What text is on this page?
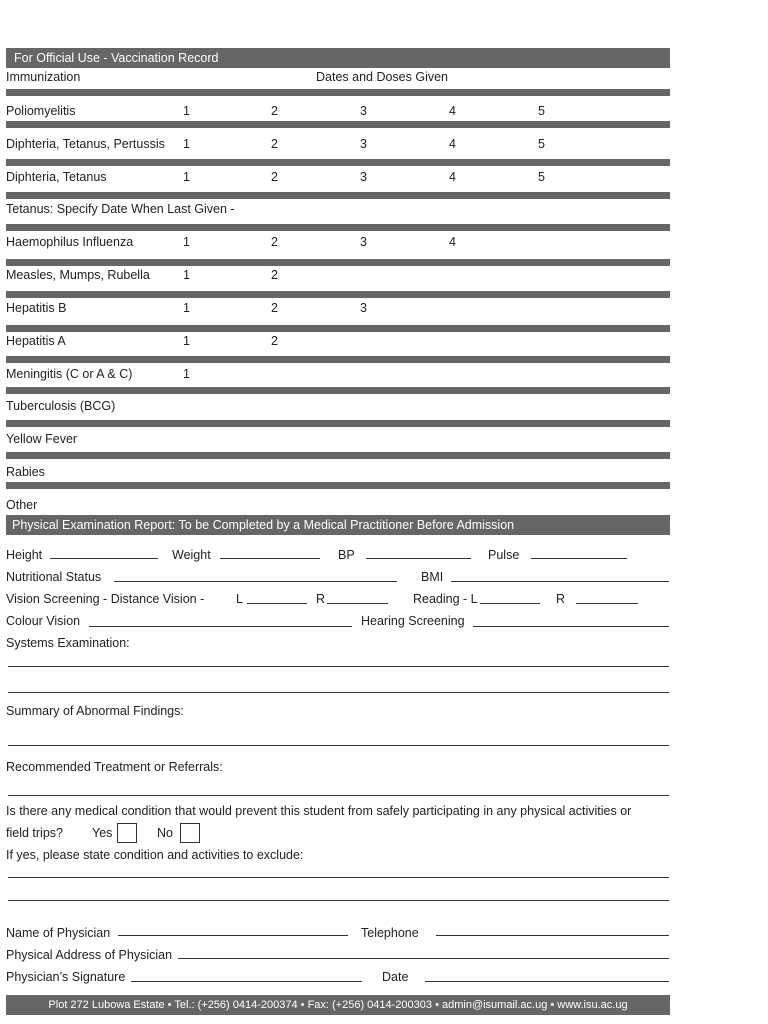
For Official Use - Vaccination Record
Immunization	Dates and Doses Given
Poliomyelitis	1	2	3	4	5
Diphteria, Tetanus, Pertussis 1	2	3	4	5
Diphteria, Tetanus	1	2	3	4	5
Tetanus: Specify Date When Last Given -
Haemophilus Influenza	1	2	3	4
Measles, Mumps, Rubella	1	2
Hepatitis B	1	2	3
Hepatitis A	1	2
Meningitis (C or A & C)	1
Tuberculosis (BCG)
Yellow Fever
Rabies
Other
Physical Examination Report: To be Completed by a Medical Practitioner Before Admission
Height	Weight	BP	Pulse
Nutritional Status	BMI
Vision Screening - Distance Vision -	L	R	Reading - L	R
Colour Vision	Hearing Screening
Systems Examination:
Summary of Abnormal Findings:
Recommended Treatment or Referrals:
Is there any medical condition that would prevent this student from safely participating in any physical activities or
field trips? Yes	No
If yes, please state condition and activities to exclude:
Name of Physician	Telephone
Physical Address of Physician
Physician’s Signature	Date
Plot 272 Lubowa Estate • Tel.: (+256) 0414-200374 • Fax: (+256) 0414-200303 • admin@isumail.ac.ug • www.isu.ac.ug
